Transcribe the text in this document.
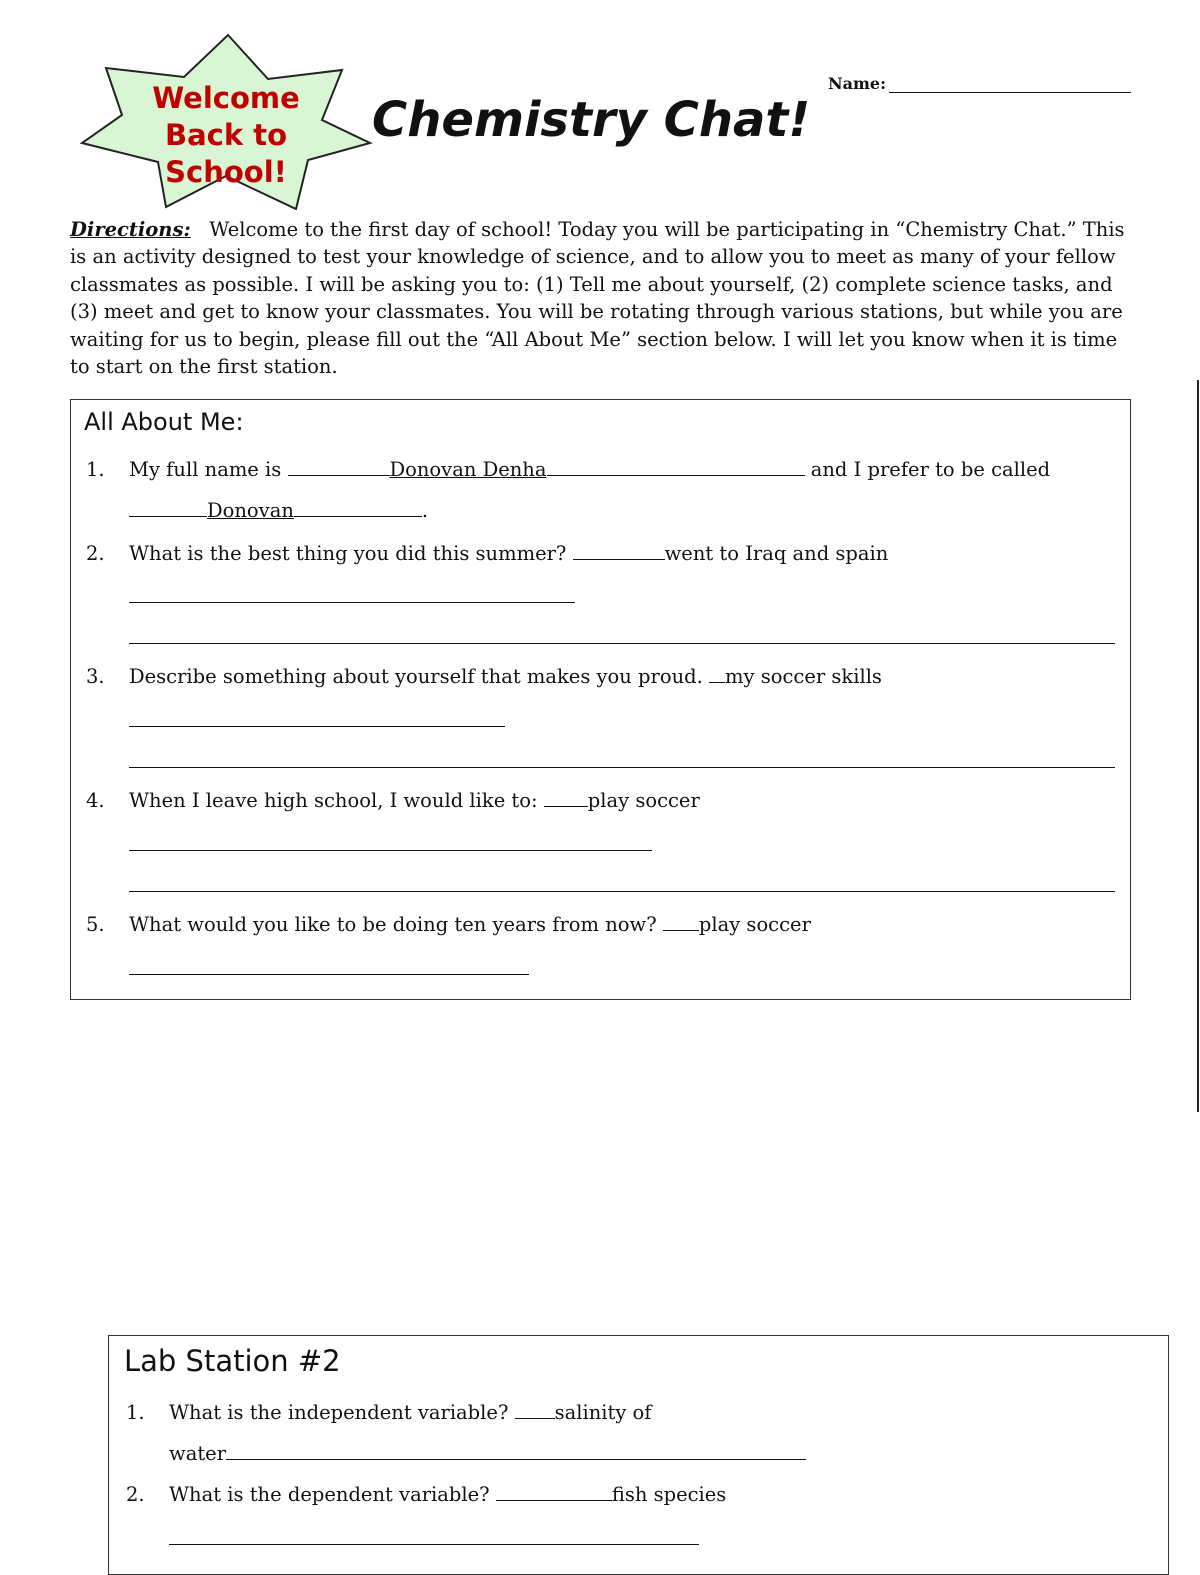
Welcome
Back to
School!
Chemistry Chat!
Name:
Directions: Welcome to the first day of school! Today you will be participating in “Chemistry Chat.” This is an activity designed to test your knowledge of science, and to allow you to meet as many of your fellow classmates as possible. I will be asking you to: (1) Tell me about yourself, (2) complete science tasks, and (3) meet and get to know your classmates. You will be rotating through various stations, but while you are waiting for us to begin, please fill out the “All About Me” section below. I will let you know when it is time to start on the first station.
All About Me:
1. My full name is	Donovan Denha	and I prefer to be called
Donovan	.
2. What is the best thing you did this summer?	went to Iraq and spain
3. Describe something about yourself that makes you proud. my soccer skills
4. When I leave high school, I would like to:	play soccer
5. What would you like to be doing ten years from now? play soccer
Lab Station #2
1. What is the independent variable? salinity of
water
2. What is the dependent variable?	fish species
